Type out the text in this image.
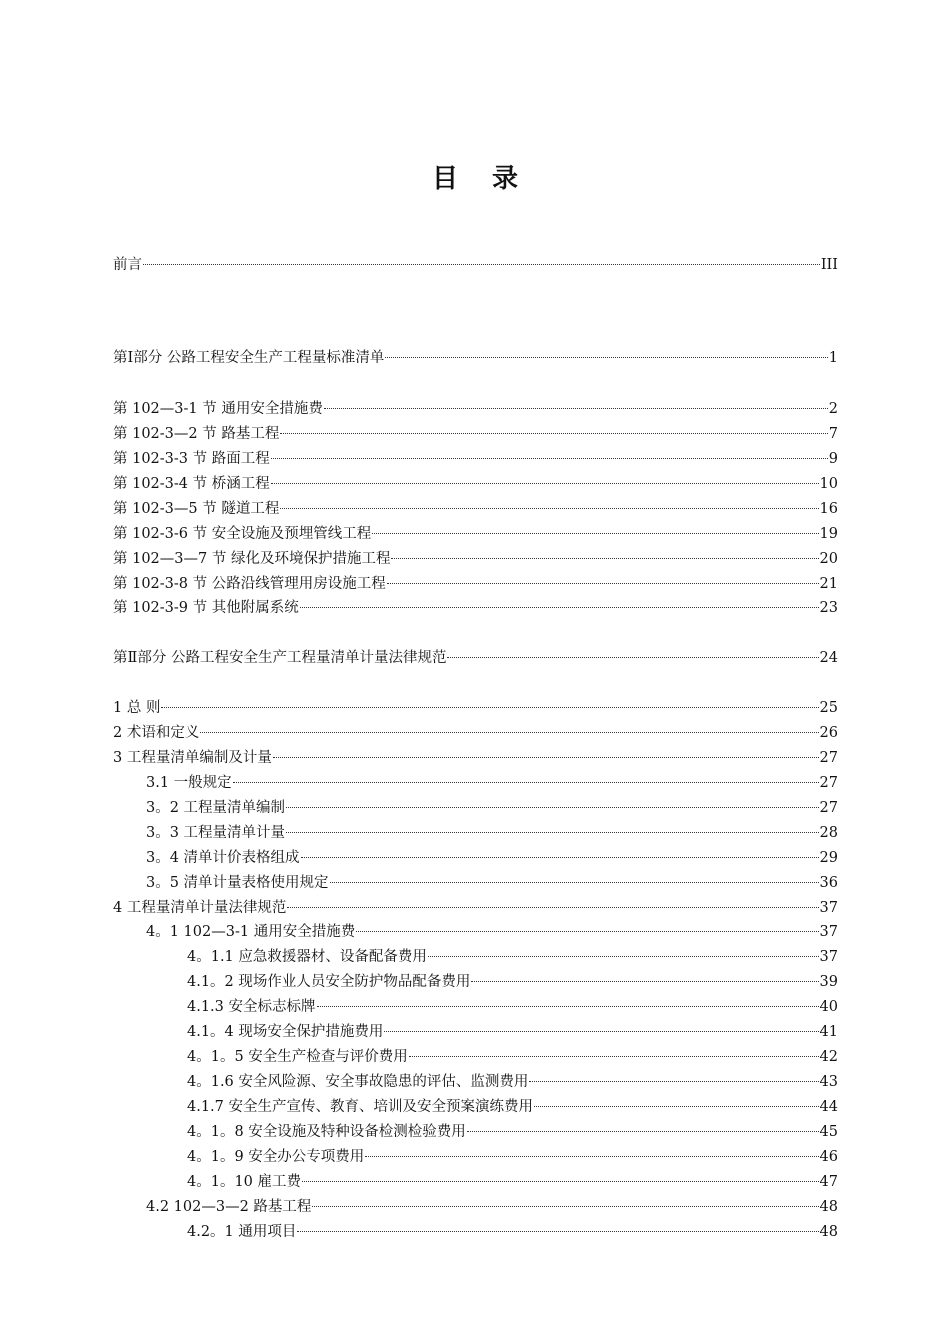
目 录
前言	III
第Ⅰ部分 公路工程安全生产工程量标准清单	1
第 102—3-1 节 通用安全措施费	2
第 102-3—2 节 路基工程	7
第 102-3-3 节 路面工程	9
第 102-3-4 节 桥涵工程	10
第 102-3—5 节 隧道工程	16
第 102-3-6 节 安全设施及预埋管线工程	19
第 102—3—7 节 绿化及环境保护措施工程	20
第 102-3-8 节 公路沿线管理用房设施工程	21
第 102-3-9 节 其他附属系统	23
第Ⅱ部分 公路工程安全生产工程量清单计量法律规范	24
1 总 则	25
2 术语和定义	26
3 工程量清单编制及计量	27
3.1 一般规定	27
3。2 工程量清单编制	27
3。3 工程量清单计量	28
3。4 清单计价表格组成	29
3。5 清单计量表格使用规定	36
4 工程量清单计量法律规范	37
4。1 102—3-1 通用安全措施费	37
4。1.1 应急救援器材、设备配备费用	37
4.1。2 现场作业人员安全防护物品配备费用	39
4.1.3 安全标志标牌	40
4.1。4 现场安全保护措施费用	41
4。1。5 安全生产检查与评价费用	42
4。1.6 安全风险源、安全事故隐患的评估、监测费用	43
4.1.7 安全生产宣传、教育、培训及安全预案演练费用	44
4。1。8 安全设施及特种设备检测检验费用	45
4。1。9 安全办公专项费用	46
4。1。10 雇工费	47
4.2 102—3—2 路基工程	48
4.2。1 通用项目	48
